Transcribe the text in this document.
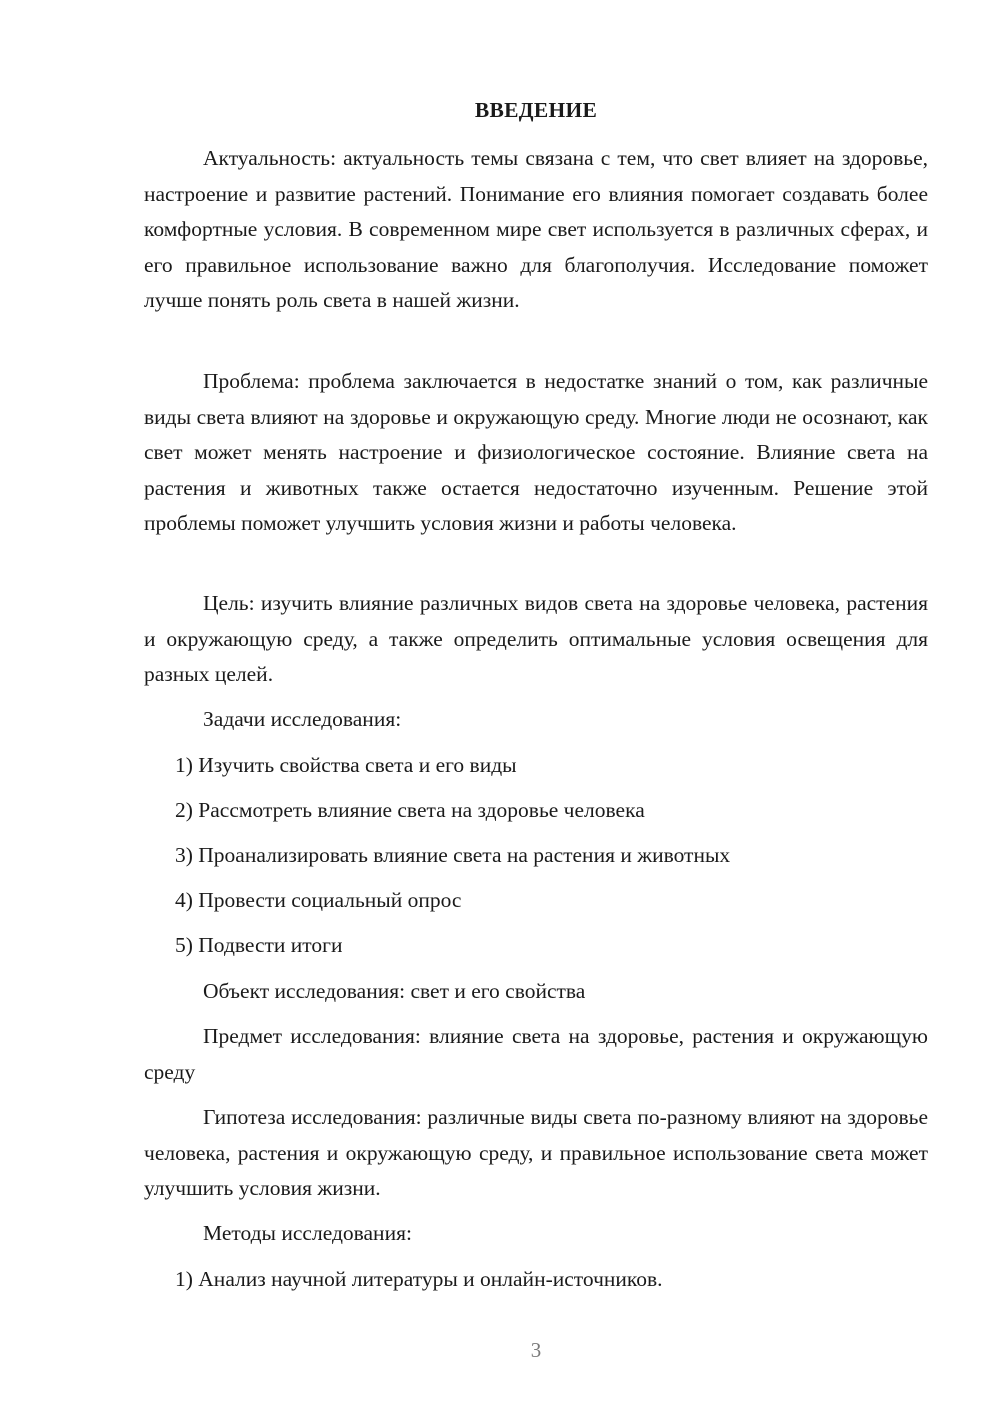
ВВЕДЕНИЕ

Актуальность: актуальность темы связана с тем, что свет влияет на здоровье, настроение и развитие растений. Понимание его влияния помогает создавать более комфортные условия. В современном мире свет используется в различных сферах, и его правильное использование важно для благополучия. Исследование поможет лучше понять роль света в нашей жизни.

Проблема: проблема заключается в недостатке знаний о том, как различные виды света влияют на здоровье и окружающую среду. Многие люди не осознают, как свет может менять настроение и физиологическое состояние. Влияние света на растения и животных также остается недостаточно изученным. Решение этой проблемы поможет улучшить условия жизни и работы человека.

Цель: изучить влияние различных видов света на здоровье человека, растения и окружающую среду, а также определить оптимальные условия освещения для разных целей.

Задачи исследования:

1) Изучить свойства света и его виды

2) Рассмотреть влияние света на здоровье человека

3) Проанализировать влияние света на растения и животных

4) Провести социальный опрос

5) Подвести итоги

Объект исследования: свет и его свойства

Предмет исследования: влияние света на здоровье, растения и окружающую среду

Гипотеза исследования: различные виды света по-разному влияют на здоровье человека, растения и окружающую среду, и правильное использование света может улучшить условия жизни.

Методы исследования:

1) Анализ научной литературы и онлайн-источников.

3
